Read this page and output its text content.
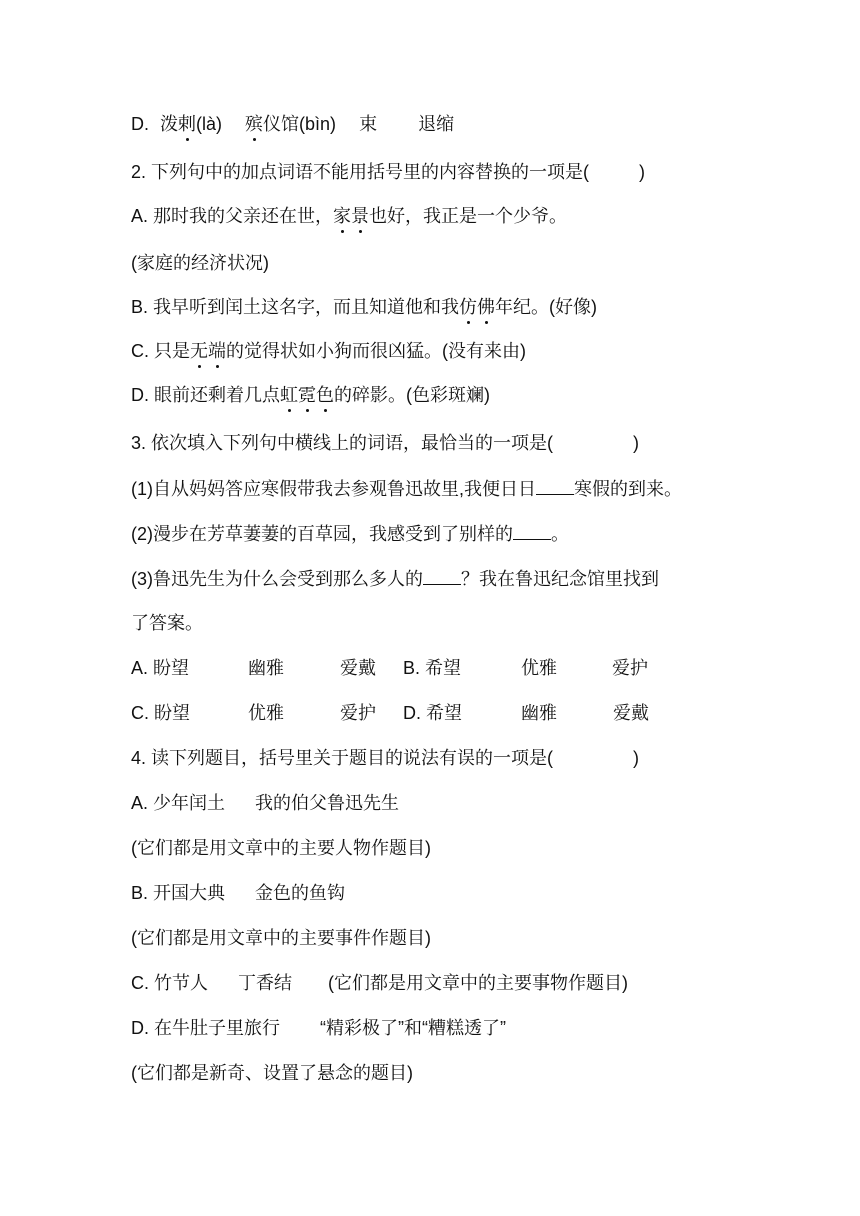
D. 泼剌(là) 殡仪馆(bìn) 束 退缩
2. 下列句中的加点词语不能用括号里的内容替换的一项是(	)
A. 那时我的父亲还在世，家景也好，我正是一个少爷。
(家庭的经济状况)
B. 我早听到闰土这名字，而且知道他和我仿佛年纪。(好像)
C. 只是无端的觉得状如小狗而很凶猛。(没有来由)
D. 眼前还剩着几点虹霓色的碎影。(色彩斑斓)
3. 依次填入下列句中横线上的词语，最恰当的一项是(	)
(1)自从妈妈答应寒假带我去参观鲁迅故里,我便日日 寒假的到来。
(2)漫步在芳草萋萋的百草园，我感受到了别样的 。
(3)鲁迅先生为什么会受到那么多人的 ？我在鲁迅纪念馆里找到
了答案。
A. 盼望	幽雅	爱戴 B. 希望	优雅	爱护
C. 盼望	优雅	爱护 D. 希望	幽雅	爱戴
4. 读下列题目，括号里关于题目的说法有误的一项是(	)
A. 少年闰土 我的伯父鲁迅先生
(它们都是用文章中的主要人物作题目)
B. 开国大典 金色的鱼钩
(它们都是用文章中的主要事件作题目)
C. 竹节人 丁香结 (它们都是用文章中的主要事物作题目)
D. 在牛肚子里旅行 “精彩极了”和“糟糕透了”
(它们都是新奇、设置了悬念的题目)
